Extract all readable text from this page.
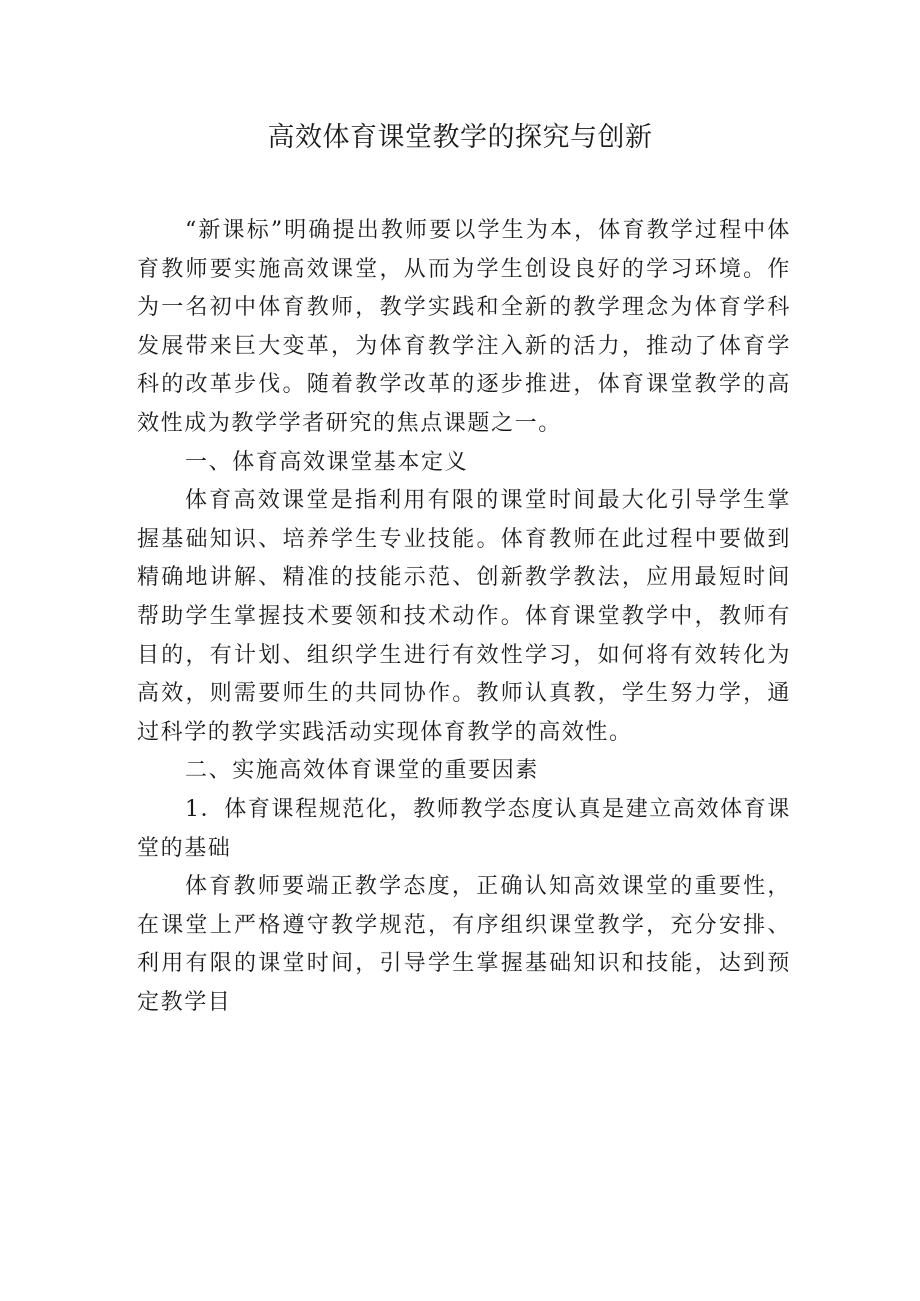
高效体育课堂教学的探究与创新

“新课标”明确提出教师要以学生为本，体育教学过程中体育教师要实施高效课堂，从而为学生创设良好的学习环境。作为一名初中体育教师，教学实践和全新的教学理念为体育学科发展带来巨大变革，为体育教学注入新的活力，推动了体育学科的改革步伐。随着教学改革的逐步推进，体育课堂教学的高效性成为教学学者研究的焦点课题之一。

一、体育高效课堂基本定义

体育高效课堂是指利用有限的课堂时间最大化引导学生掌握基础知识、培养学生专业技能。体育教师在此过程中要做到精确地讲解、精准的技能示范、创新教学教法，应用最短时间帮助学生掌握技术要领和技术动作。体育课堂教学中，教师有目的，有计划、组织学生进行有效性学习，如何将有效转化为高效，则需要师生的共同协作。教师认真教，学生努力学，通过科学的教学实践活动实现体育教学的高效性。

二、实施高效体育课堂的重要因素

1．体育课程规范化，教师教学态度认真是建立高效体育课堂的基础

体育教师要端正教学态度，正确认知高效课堂的重要性，在课堂上严格遵守教学规范，有序组织课堂教学，充分安排、利用有限的课堂时间，引导学生掌握基础知识和技能，达到预定教学目
